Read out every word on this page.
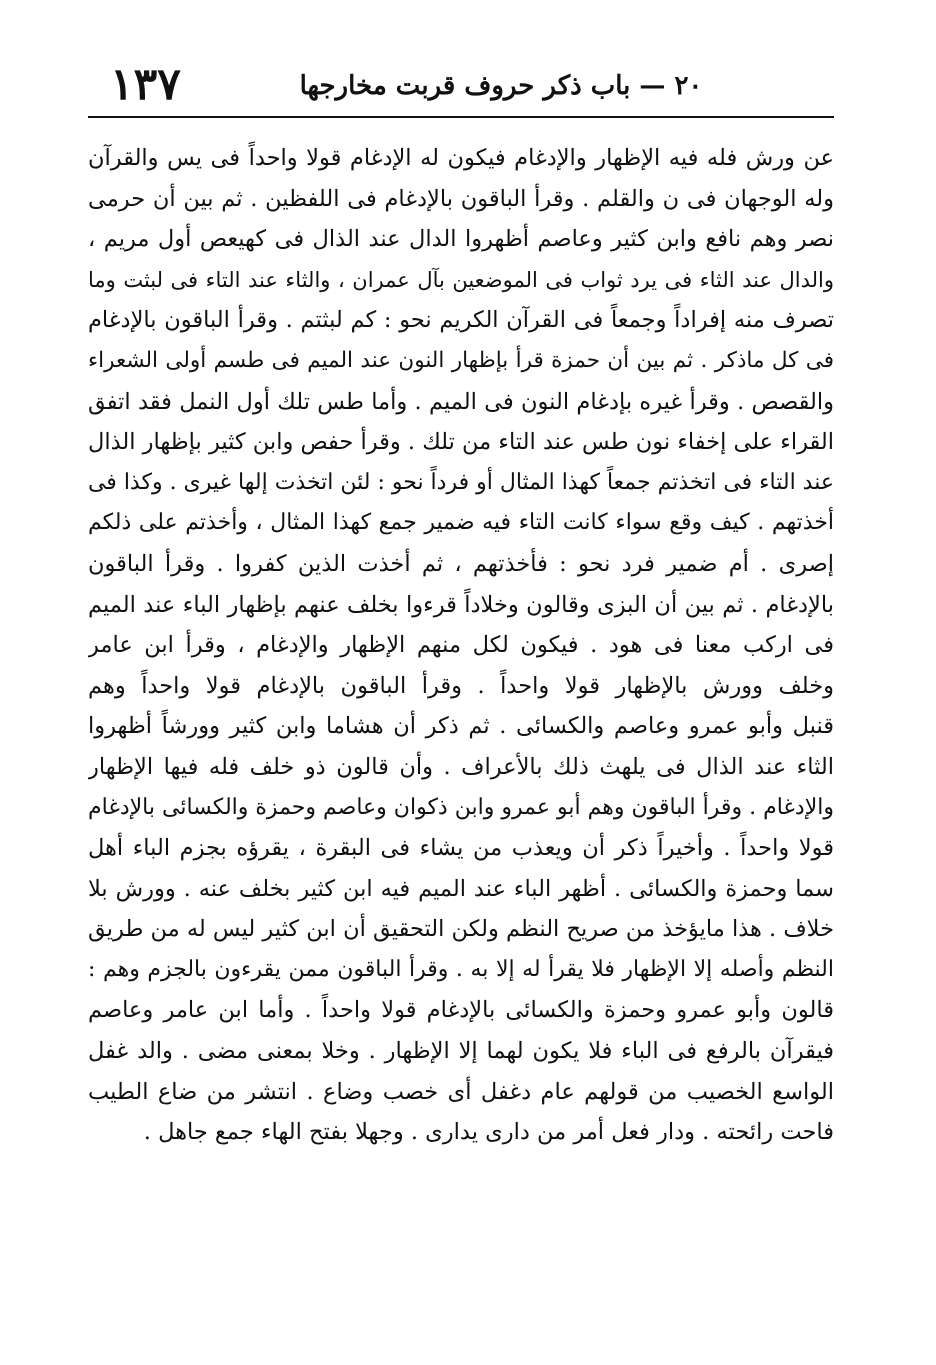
١٣٧	٢٠ — باب ذكر حروف قربت مخارجها
عن ورش فله فيه الإظهار والإدغام فيكون له الإدغام قولا واحداً فى يس والقرآن
وله الوجهان فى ن والقلم . وقرأ الباقون بالإدغام فى اللفظين . ثم بين أن حرمى
نصر وهم نافع وابن كثير وعاصم أظهروا الدال عند الذال فى كهيعص أول مريم ،
والدال عند الثاء فى يرد ثواب فى الموضعين بآل عمران ، والثاء عند التاء فى لبثت وما
تصرف منه إفراداً وجمعاً فى القرآن الكريم نحو : كم لبثتم . وقرأ الباقون بالإدغام
فى كل ماذكر . ثم بين أن حمزة قرأ بإظهار النون عند الميم فى طسم أولى الشعراء
والقصص . وقرأ غيره بإدغام النون فى الميم . وأما طس تلك أول النمل فقد اتفق
القراء على إخفاء نون طس عند التاء من تلك . وقرأ حفص وابن كثير بإظهار الذال
عند التاء فى اتخذتم جمعاً كهذا المثال أو فرداً نحو : لئن اتخذت إلها غيرى . وكذا فى
أخذتهم . كيف وقع سواء كانت التاء فيه ضمير جمع كهذا المثال ، وأخذتم على ذلكم
إصرى . أم ضمير فرد نحو : فأخذتهم ، ثم أخذت الذين كفروا . وقرأ الباقون
بالإدغام . ثم بين أن البزى وقالون وخلاداً قرءوا بخلف عنهم بإظهار الباء عند الميم
فى اركب معنا فى هود . فيكون لكل منهم الإظهار والإدغام ، وقرأ ابن عامر
وخلف وورش بالإظهار قولا واحداً . وقرأ الباقون بالإدغام قولا واحداً وهم
قنبل وأبو عمرو وعاصم والكسائى . ثم ذكر أن هشاما وابن كثير وورشاً أظهروا
الثاء عند الذال فى يلهث ذلك بالأعراف . وأن قالون ذو خلف فله فيها الإظهار
والإدغام . وقرأ الباقون وهم أبو عمرو وابن ذكوان وعاصم وحمزة والكسائى بالإدغام
قولا واحداً . وأخيراً ذكر أن ويعذب من يشاء فى البقرة ، يقرؤه بجزم الباء أهل
سما وحمزة والكسائى . أظهر الباء عند الميم فيه ابن كثير بخلف عنه . وورش بلا
خلاف . هذا مايؤخذ من صريح النظم ولكن التحقيق أن ابن كثير ليس له من طريق
النظم وأصله إلا الإظهار فلا يقرأ له إلا به . وقرأ الباقون ممن يقرءون بالجزم وهم :
قالون وأبو عمرو وحمزة والكسائى بالإدغام قولا واحداً . وأما ابن عامر وعاصم
فيقرآن بالرفع فى الباء فلا يكون لهما إلا الإظهار . وخلا بمعنى مضى . والد غفل
الواسع الخصيب من قولهم عام دغفل أى خصب وضاع . انتشر من ضاع الطيب
فاحت رائحته . ودار فعل أمر من دارى يدارى . وجهلا بفتح الهاء جمع جاهل .
